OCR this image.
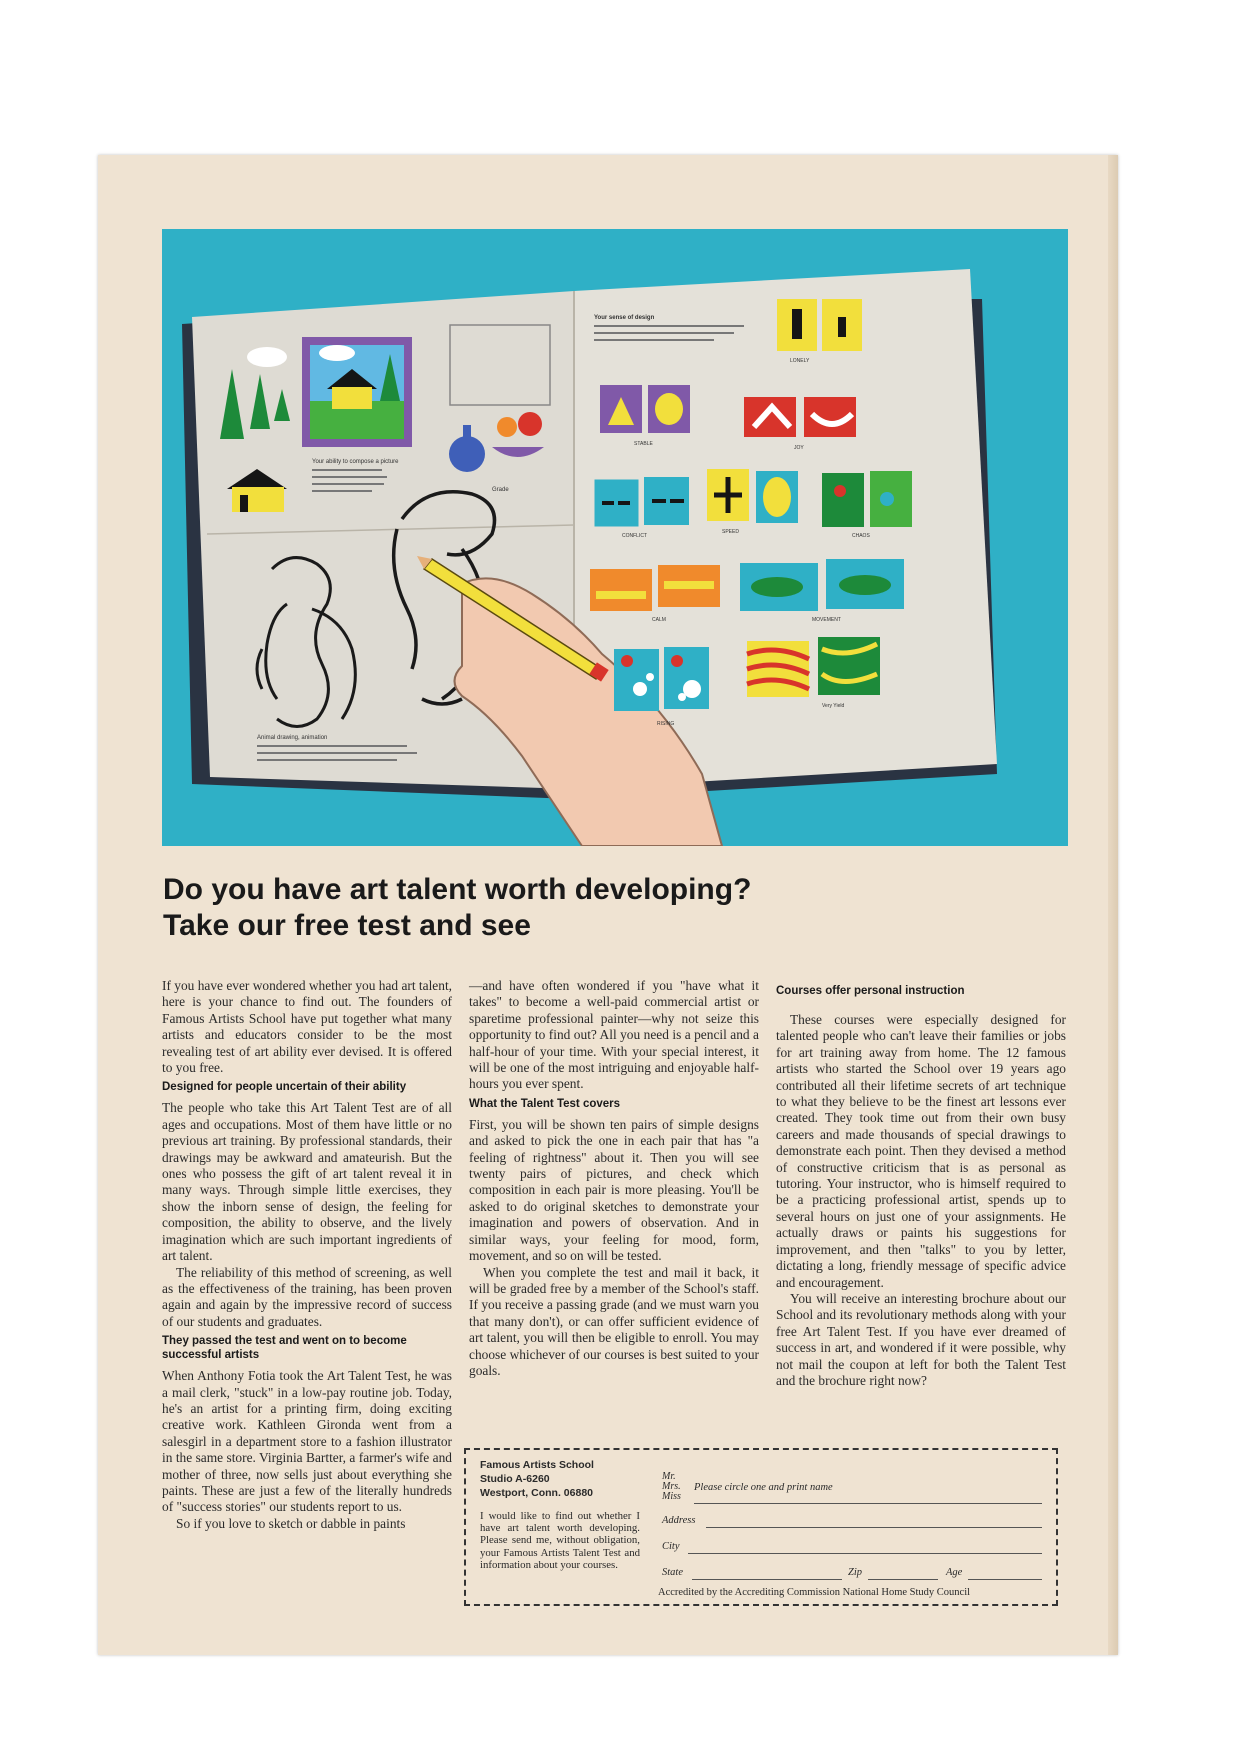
Your ability to compose a picture
Grade
Animal drawing, animation
Your sense of design
LONELY
STABLE
JOY
CONFLICT
SPEED
CHAOS
CALM	MOVEMENT
RISING
Very Yield
Do you have art talent worth developing?
Take our free test and see

If you have ever wondered whether you had art talent, here is your chance to find out. The founders of Famous Artists School have put together what many artists and educators consider to be the most revealing test of art ability ever devised. It is offered to you free.

Designed for people uncertain of their ability

The people who take this Art Talent Test are of all ages and occupations. Most of them have little or no previous art training. By professional standards, their drawings may be awkward and amateurish. But the ones who possess the gift of art talent reveal it in many ways. Through simple little exercises, they show the inborn sense of design, the feeling for composition, the ability to observe, and the lively imagination which are such important ingredients of art talent.

The reliability of this method of screening, as well as the effectiveness of the training, has been proven again and again by the impressive record of success of our students and graduates.

They passed the test and went on to become successful artists

When Anthony Fotia took the Art Talent Test, he was a mail clerk, "stuck" in a low-pay routine job. Today, he's an artist for a printing firm, doing exciting creative work. Kathleen Gironda went from a salesgirl in a department store to a fashion illustrator in the same store. Virginia Bartter, a farmer's wife and mother of three, now sells just about everything she paints. These are just a few of the literally hundreds of "success stories" our students report to us.

So if you love to sketch or dabble in paints

—and have often wondered if you "have what it takes" to become a well-paid commercial artist or sparetime professional painter—why not seize this opportunity to find out? All you need is a pencil and a half-hour of your time. With your special interest, it will be one of the most intriguing and enjoyable half-hours you ever spent.

What the Talent Test covers

First, you will be shown ten pairs of simple designs and asked to pick the one in each pair that has "a feeling of rightness" about it. Then you will see twenty pairs of pictures, and check which composition in each pair is more pleasing. You'll be asked to do original sketches to demonstrate your imagination and powers of observation. And in similar ways, your feeling for mood, form, movement, and so on will be tested.

When you complete the test and mail it back, it will be graded free by a member of the School's staff. If you receive a passing grade (and we must warn you that many don't), or can offer sufficient evidence of art talent, you will then be eligible to enroll. You may choose whichever of our courses is best suited to your goals.

Courses offer personal instruction

These courses were especially designed for talented people who can't leave their families or jobs for art training away from home. The 12 famous artists who started the School over 19 years ago contributed all their lifetime secrets of art technique to what they believe to be the finest art lessons ever created. They took time out from their own busy careers and made thousands of special drawings to demonstrate each point. Then they devised a method of constructive criticism that is as personal as tutoring. Your instructor, who is himself required to be a practicing professional artist, spends up to several hours on just one of your assignments. He actually draws or paints his suggestions for improvement, and then "talks" to you by letter, dictating a long, friendly message of specific advice and encouragement.

You will receive an interesting brochure about our School and its revolutionary methods along with your free Art Talent Test. If you have ever dreamed of success in art, and wondered if it were possible, why not mail the coupon at left for both the Talent Test and the brochure right now?

Famous Artists School
Studio A-6260
Westport, Conn. 06880
I would like to find out whether I have art talent worth developing. Please send me, without obligation, your Famous Artists Talent Test and information about your courses.
Mr.
Mrs.
Miss
Please circle one and print name
Address
City
State	Zip	Age
Accredited by the Accrediting Commission National Home Study Council
